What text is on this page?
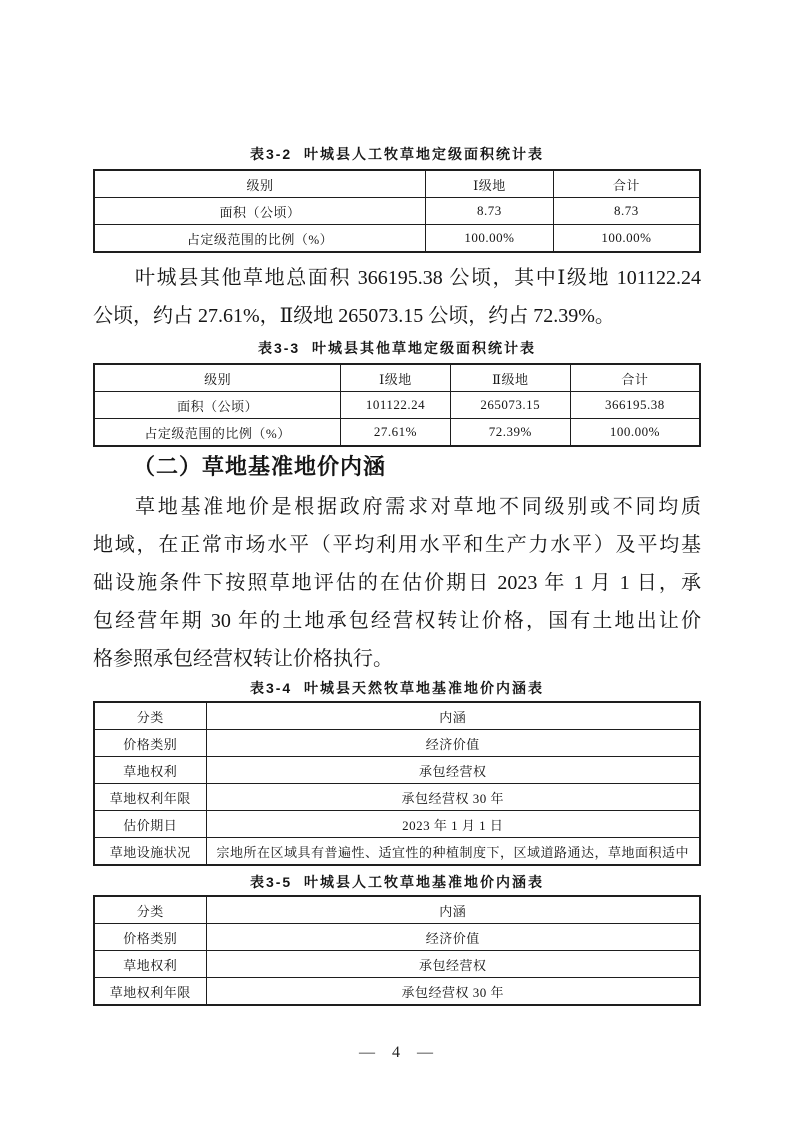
表3-2  叶城县人工牧草地定级面积统计表
级别	Ⅰ级地	合计
面积（公顷）	8.73	8.73
占定级范围的比例（%）	100.00%	100.00%
叶城县其他草地总面积 366195.38 公顷，其中Ⅰ级地 101122.24
公顷，约占 27.61%，Ⅱ级地 265073.15 公顷，约占 72.39%。
表3-3  叶城县其他草地定级面积统计表
级别	Ⅰ级地	Ⅱ级地	合计
面积（公顷）	101122.24	265073.15	366195.38
占定级范围的比例（%）	27.61%	72.39%	100.00%
（二）草地基准地价内涵
草地基准地价是根据政府需求对草地不同级别或不同均质
地域，在正常市场水平（平均利用水平和生产力水平）及平均基
础设施条件下按照草地评估的在估价期日 2023 年 1 月 1 日，承
包经营年期 30 年的土地承包经营权转让价格，国有土地出让价
格参照承包经营权转让价格执行。
表3-4  叶城县天然牧草地基准地价内涵表
分类	内涵
价格类别	经济价值
草地权利	承包经营权
草地权利年限	承包经营权 30 年
估价期日	2023 年 1 月 1 日
草地设施状况	宗地所在区域具有普遍性、适宜性的种植制度下，区域道路通达，草地面积适中
表3-5  叶城县人工牧草地基准地价内涵表
分类	内涵
价格类别	经济价值
草地权利	承包经营权
草地权利年限	承包经营权 30 年
— 4 —
